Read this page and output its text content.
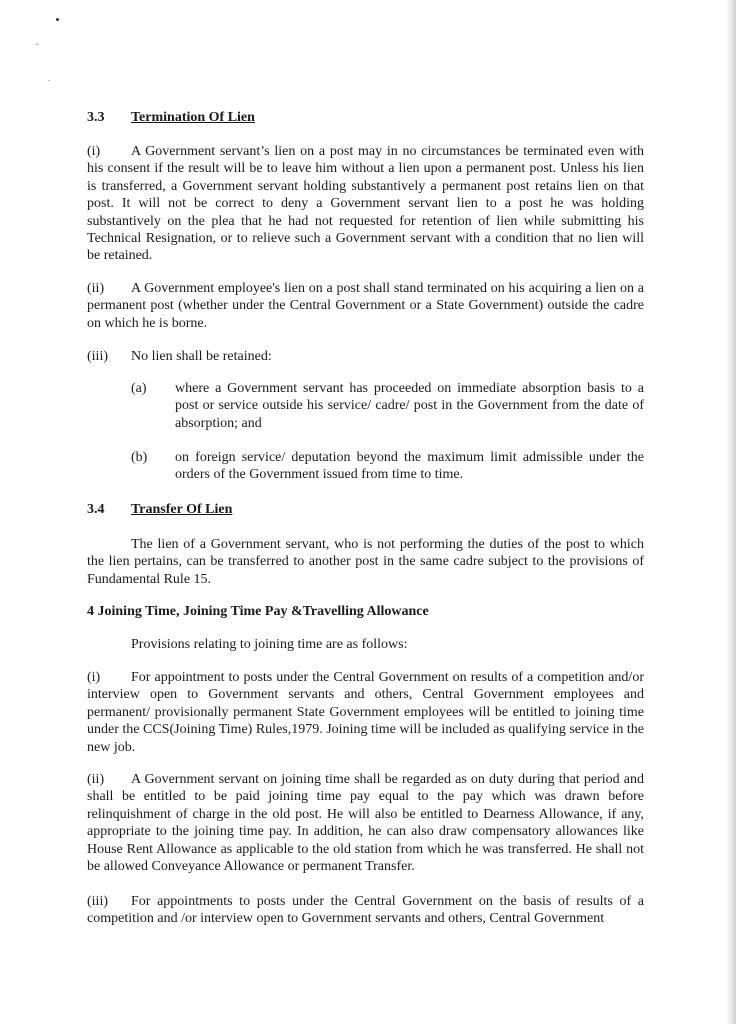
3.3 Termination Of Lien

(i) A Government servant’s lien on a post may in no circumstances be terminated even with his consent if the result will be to leave him without a lien upon a permanent post. Unless his lien is transferred, a Government servant holding substantively a permanent post retains lien on that post. It will not be correct to deny a Government servant lien to a post he was holding substantively on the plea that he had not requested for retention of lien while submitting his Technical Resignation, or to relieve such a Government servant with a condition that no lien will be retained.

(ii) A Government employee's lien on a post shall stand terminated on his acquiring a lien on a permanent post (whether under the Central Government or a State Government) outside the cadre on which he is borne.

(iii) No lien shall be retained:
(a) where a Government servant has proceeded on immediate absorption basis to a post or service outside his service/ cadre/ post in the Government from the date of absorption; and

(b) on foreign service/ deputation beyond the maximum limit admissible under the orders of the Government issued from time to time.

3.4 Transfer Of Lien

The lien of a Government servant, who is not performing the duties of the post to which the lien pertains, can be transferred to another post in the same cadre subject to the provisions of Fundamental Rule 15.

4 Joining Time, Joining Time Pay &Travelling Allowance
Provisions relating to joining time are as follows:

(i) For appointment to posts under the Central Government on results of a competition and/or interview open to Government servants and others, Central Government employees and permanent/ provisionally permanent State Government employees will be entitled to joining time under the CCS(Joining Time) Rules,1979. Joining time will be included as qualifying service in the new job.

(ii) A Government servant on joining time shall be regarded as on duty during that period and shall be entitled to be paid joining time pay equal to the pay which was drawn before relinquishment of charge in the old post. He will also be entitled to Dearness Allowance, if any, appropriate to the joining time pay. In addition, he can also draw compensatory allowances like House Rent Allowance as applicable to the old station from which he was transferred. He shall not be allowed Conveyance Allowance or permanent Transfer.

(iii) For appointments to posts under the Central Government on the basis of results of a competition and /or interview open to Government servants and others, Central Government
